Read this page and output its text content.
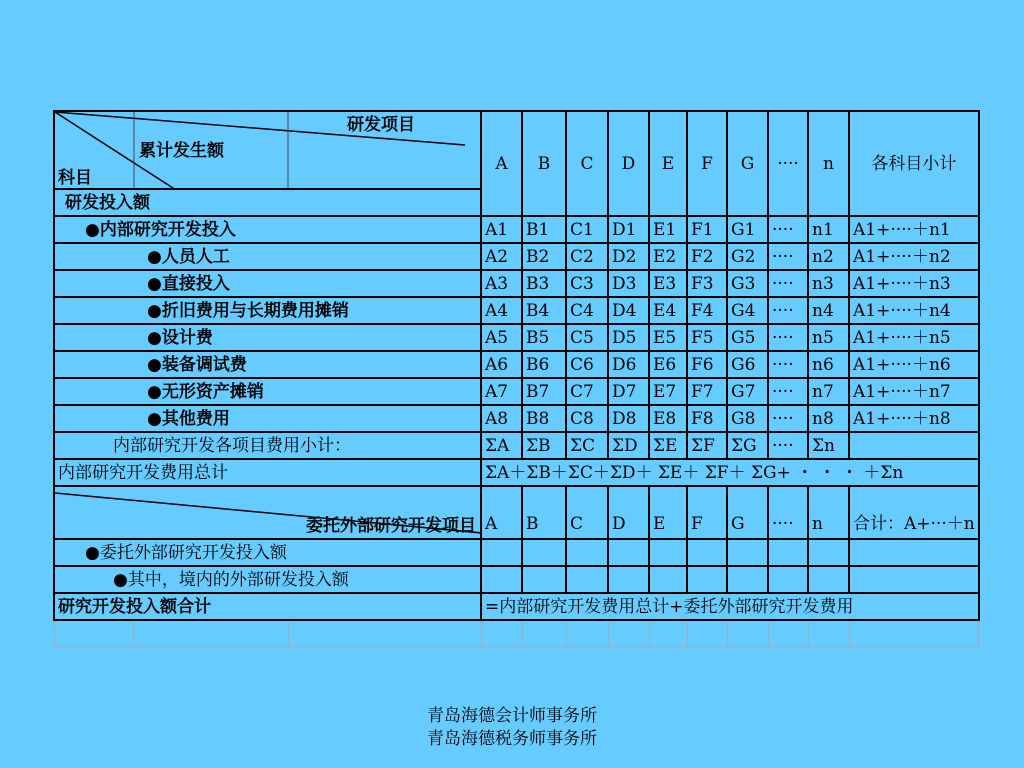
研发项目
累计发生额
科目			A	B	C	D	E	F	G	····	n	各科目小计
研发投入额												
●内部研究开发投入			A1	B1	C1	D1	E1	F1	G1	····	n1	A1+····＋n1
●人员人工			A2	B2	C2	D2	E2	F2	G2	····	n2	A1+····＋n2
●直接投入			A3	B3	C3	D3	E3	F3	G3	····	n3	A1+····＋n3
●折旧费用与长期费用摊销			A4	B4	C4	D4	E4	F4	G4	····	n4	A1+····＋n4
●设计费			A5	B5	C5	D5	E5	F5	G5	····	n5	A1+····＋n5
●装备调试费			A6	B6	C6	D6	E6	F6	G6	····	n6	A1+····＋n6
●无形资产摊销			A7	B7	C7	D7	E7	F7	G7	····	n7	A1+····＋n7
●其他费用			A8	B8	C8	D8	E8	F8	G8	····	n8	A1+····＋n8
内部研究开发各项目费用小计：			ΣA	ΣB	ΣC	ΣD	ΣE	ΣF	ΣG	····	Σn	
内部研究开发费用总计			ΣA＋ΣB＋ΣC＋ΣD＋ ΣE＋ ΣF＋ ΣG+ ・ ・ ・ ＋Σn									

委托外部研究开发项目			A	B	C	D	E	F	G	····	n	合计：A+···＋n
●委托外部研究开发投入额												
●其中，境内的外部研发投入额												
研究开发投入额合计			=内部研究开发费用总计+委托外部研究开发费用									

青岛海德会计师事务所
青岛海德税务师事务所
